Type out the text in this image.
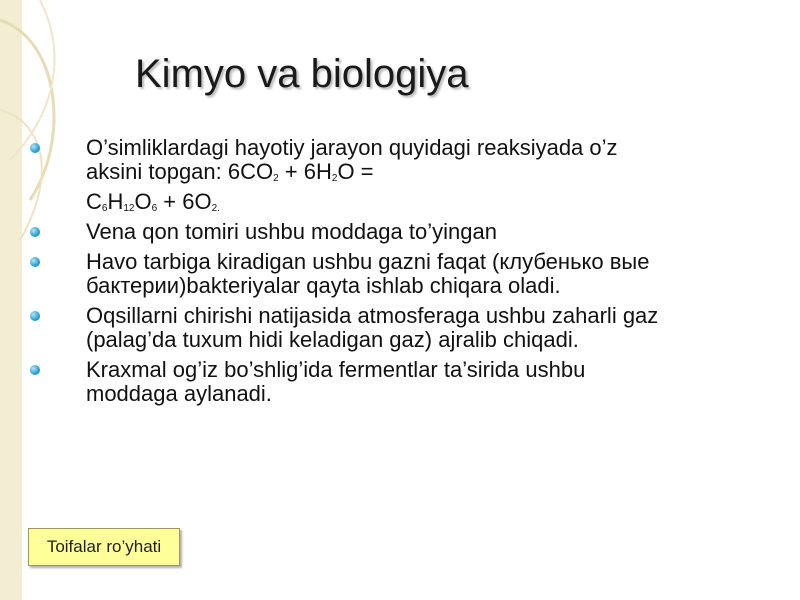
Kimyo va biologiya
O’simliklardagi hayotiy jarayon quyidagi reaksiyada o’z aksini topgan: $6CO_2 + 6H_2O$ =
$C_6H_{12}O_6 + 6O_{2.}$
Vena qon tomiri ushbu moddaga to’yingan
Havo tarbiga kiradigan ushbu gazni faqat (клубенько вые бактерии)bakteriyalar qayta ishlab chiqara oladi.
Oqsillarni chirishi natijasida atmosferaga ushbu zaharli gaz (palag’da tuxum hidi keladigan gaz) ajralib chiqadi.
Kraxmal og’iz bo’shlig’ida fermentlar ta’sirida ushbu moddaga aylanadi.
Toifalar ro’yhati
